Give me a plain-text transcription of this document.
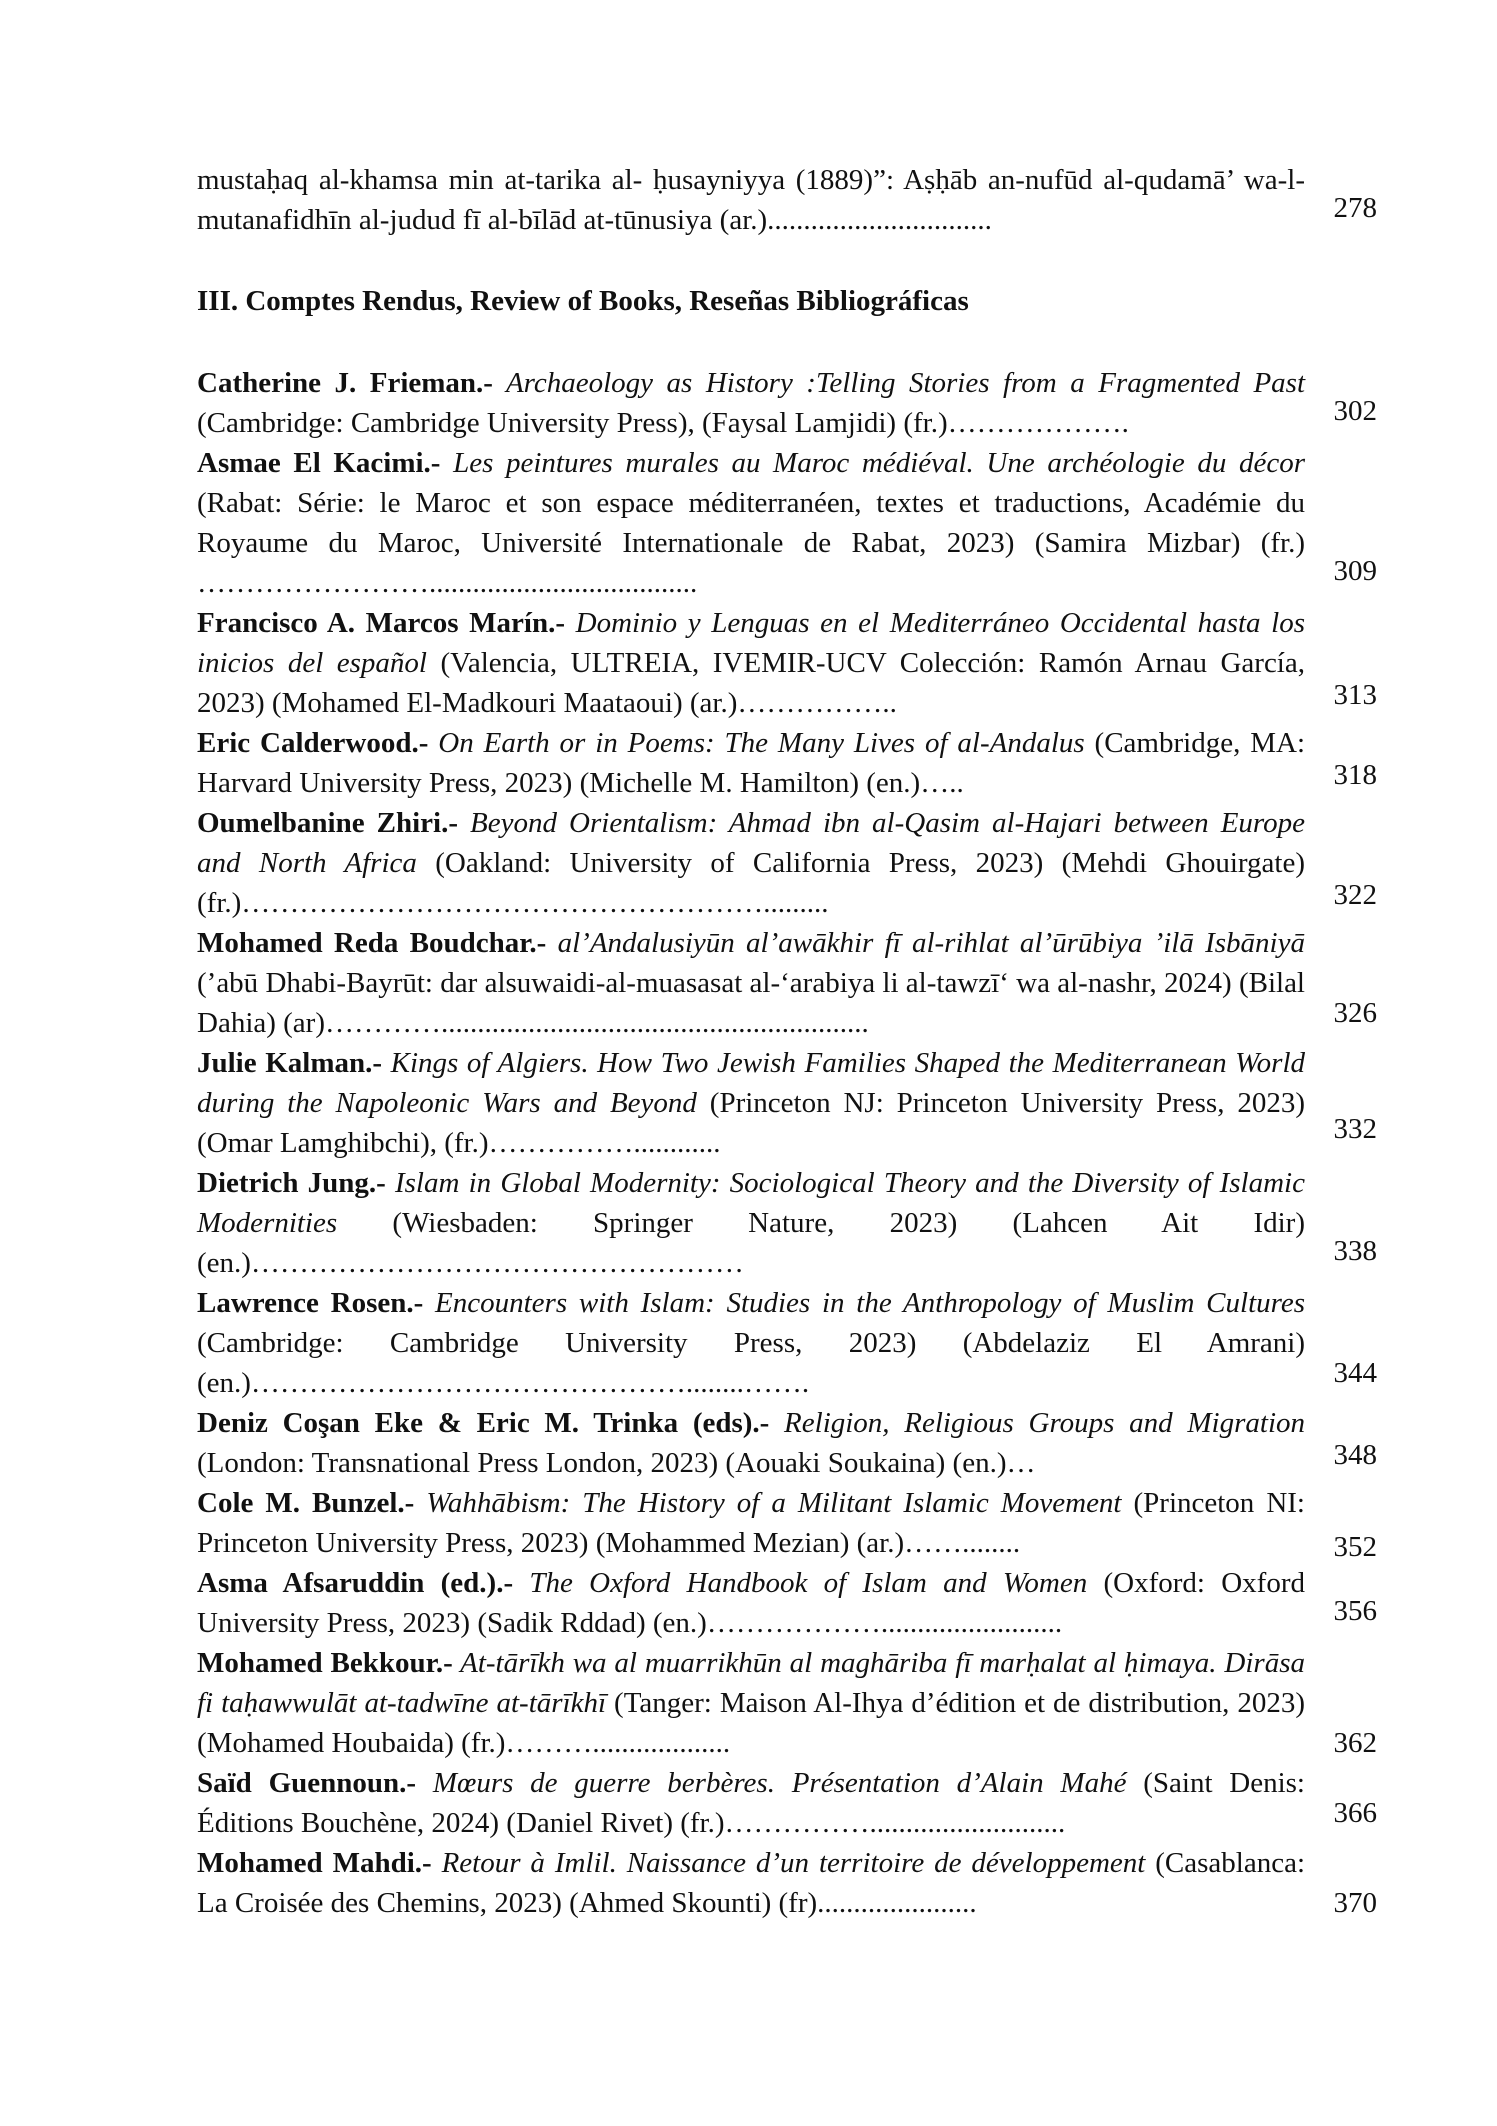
mustaḥaq al-khamsa min at-tarika al- ḥusayniyya (1889)”: Aṣḥāb an-nufūd al-qudamā’ wa-l-mutanafidhīn al-judud fī al-bīlād at-tūnusiya (ar.)...............................	278
III. Comptes Rendus, Review of Books, Reseñas Bibliográficas
Catherine J. Frieman.- Archaeology as History :Telling Stories from a Fragmented Past (Cambridge: Cambridge University Press), (Faysal Lamjidi) (fr.)……………….	302
Asmae El Kacimi.- Les peintures murales au Maroc médiéval. Une archéologie du décor (Rabat: Série: le Maroc et son espace méditerranéen, textes et traductions, Académie du Royaume du Maroc, Université Internationale de Rabat, 2023) (Samira Mizbar) (fr.) …………………….....................................	309
Francisco A. Marcos Marín.- Dominio y Lenguas en el Mediterráneo Occidental hasta los inicios del español (Valencia, ULTREIA, IVEMIR-UCV Colección: Ramón Arnau García, 2023) (Mohamed El-Madkouri Maataoui) (ar.)……………..	313
Eric Calderwood.- On Earth or in Poems: The Many Lives of al-Andalus (Cambridge, MA: Harvard University Press, 2023) (Michelle M. Hamilton) (en.)…..	318
Oumelbanine Zhiri.- Beyond Orientalism: Ahmad ibn al-Qasim al-Hajari between Europe and North Africa (Oakland: University of California Press, 2023) (Mehdi Ghouirgate) (fr.)……………………………………………….........	322
Mohamed Reda Boudchar.- al’Andalusiyūn al’awākhir fī al-rihlat al’ūrūbiya ’ilā Isbāniyā (’abū Dhabi-Bayrūt: dar alsuwaidi-al-muasasat al-‘arabiya li al-tawzī‘ wa al-nashr, 2024) (Bilal Dahia) (ar)…………...........................................................	326
Julie Kalman.- Kings of Algiers. How Two Jewish Families Shaped the Mediterranean World during the Napoleonic Wars and Beyond (Princeton NJ: Princeton University Press, 2023) (Omar Lamghibchi), (fr.)……………............	332
Dietrich Jung.- Islam in Global Modernity: Sociological Theory and the Diversity of Islamic Modernities (Wiesbaden: Springer Nature, 2023) (Lahcen Ait Idir) (en.)……………………………………………	338
Lawrence Rosen.- Encounters with Islam: Studies in the Anthropology of Muslim Cultures (Cambridge: Cambridge University Press, 2023) (Abdelaziz El Amrani) (en.)………………………………………........…….	344
Deniz Coşan Eke & Eric M. Trinka (eds).- Religion, Religious Groups and Migration (London: Transnational Press London, 2023) (Aouaki Soukaina) (en.)…	348
Cole M. Bunzel.- Wahhābism: The History of a Militant Islamic Movement (Princeton NI: Princeton University Press, 2023) (Mohammed Mezian) (ar.)……........	352
Asma Afsaruddin (ed.).- The Oxford Handbook of Islam and Women (Oxford: Oxford University Press, 2023) (Sadik Rddad) (en.)……………….........................	356
Mohamed Bekkour.- At-tārīkh wa al muarrikhūn al maghāriba fī marḥalat al ḥimaya. Dirāsa fi taḥawwulāt at-tadwīne at-tārīkhī (Tanger: Maison Al-Ihya d’édition et de distribution, 2023) (Mohamed Houbaida) (fr.)………...................	362
Saïd Guennoun.- Mœurs de guerre berbères. Présentation d’Alain Mahé (Saint Denis: Éditions Bouchène, 2024) (Daniel Rivet) (fr.)……………...........................	366
Mohamed Mahdi.- Retour à Imlil. Naissance d’un territoire de développement (Casablanca: La Croisée des Chemins, 2023) (Ahmed Skounti) (fr)......................	370
